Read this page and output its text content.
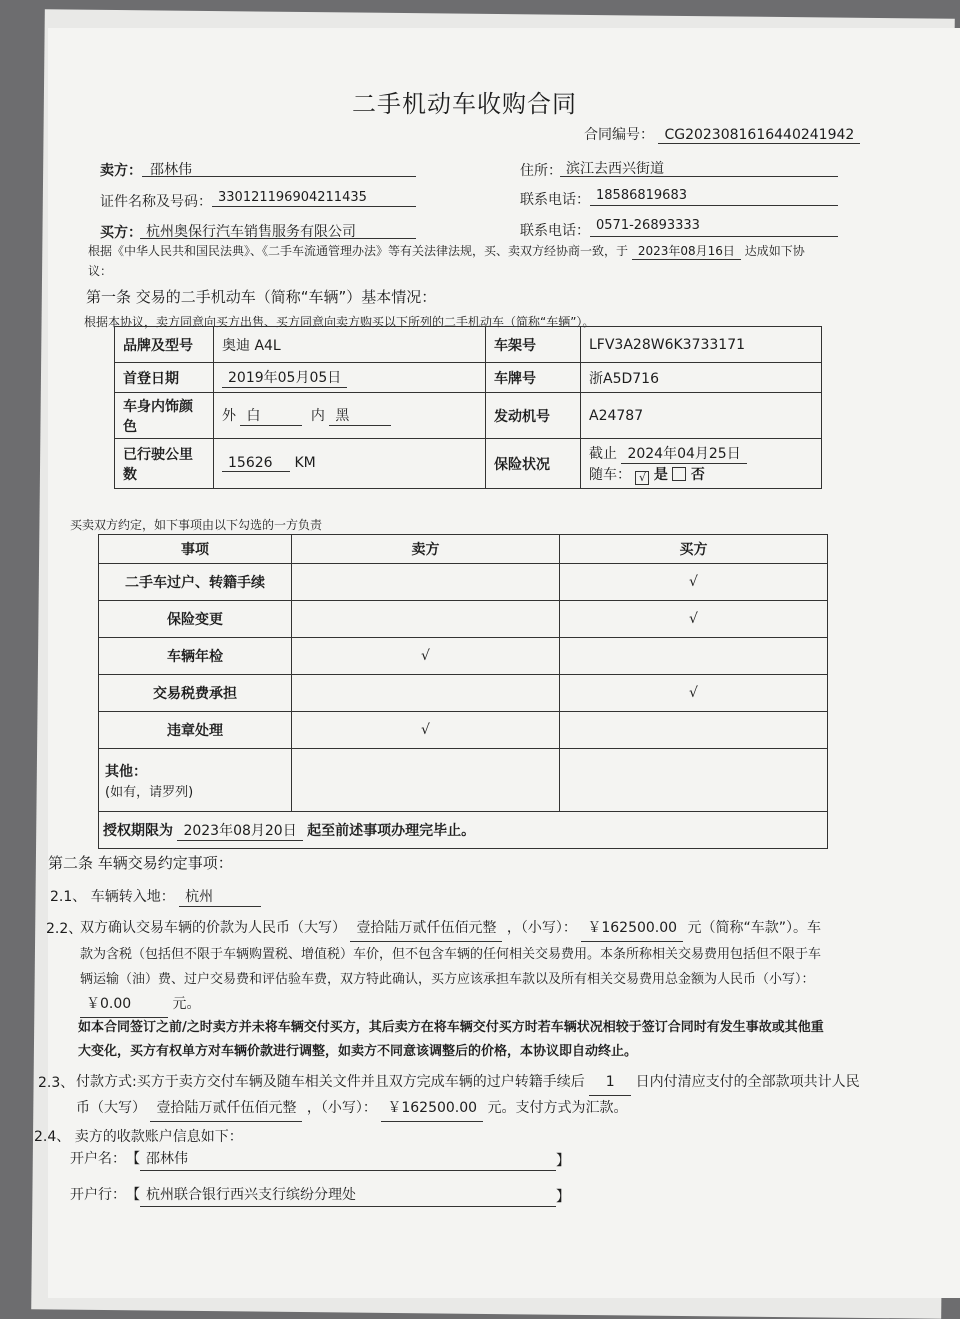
二手机动车收购合同
合同编号： CG2023081616440241942
卖方： 邵林伟	住所： 滨江去西兴街道
证件名称及号码： 330121196904211435	联系电话： 18586819683
买方： 杭州奥保行汽车销售服务有限公司	联系电话： 0571-26893333
根据《中华人民共和国民法典》、《二手车流通管理办法》等有关法律法规，买、卖双方经协商一致，于 2023年08月16日 达成如下协
议：
第一条 交易的二手机动车（简称“车辆”）基本情况：
根据本协议，卖方同意向买方出售、买方同意向卖方购买以下所列的二手机动车（简称“车辆”）。
品牌及型号	奥迪 A4L	车架号	LFV3A28W6K3733171
首登日期	2019年05月05日	车牌号	浙A5D716
车身内饰颜色	外 白 内 黑	发动机号	A24787
已行驶公里数	15626 KM	保险状况	截止 2024年04月25日
随车： √ 是 否
买卖双方约定，如下事项由以下勾选的一方负责
事项	卖方	买方
二手车过户、转籍手续		√
保险变更		√
车辆年检	√	
交易税费承担		√
违章处理	√	

其他：
(如有，请罗列)		

授权期限为 2023年08月20日 起至前述事项办理完毕止。		
第二条 车辆交易约定事项：
2.1、 车辆转入地： 杭州
2.2、
双方确认交易车辆的价款为人民币（大写） 壹拾陆万贰仟伍佰元整 ，（小写）： ￥162500.00 元（简称“车款”）。车
款为含税（包括但不限于车辆购置税、增值税）车价，但不包含车辆的任何相关交易费用。本条所称相关交易费用包括但不限于车
辆运输（油）费、过户交易费和评估验车费，双方特此确认，买方应该承担车款以及所有相关交易费用总金额为人民币（小写）：
￥0.00	元。
如本合同签订之前/之时卖方并未将车辆交付买方，其后卖方在将车辆交付买方时若车辆状况相较于签订合同时有发生事故或其他重
大变化，买方有权单方对车辆价款进行调整，如卖方不同意该调整后的价格，本协议即自动终止。
2.3、 付款方式:买方于卖方交付车辆及随车相关文件并且双方完成车辆的过户转籍手续后 1 日内付清应支付的全部款项共计人民
币（大写） 壹拾陆万贰仟伍佰元整 ，（小写）： ￥162500.00 元。支付方式为汇款。
2.4、 卖方的收款账户信息如下：
开户名： 【 邵林伟	】
开户行： 【 杭州联合银行西兴支行缤纷分理处	】
